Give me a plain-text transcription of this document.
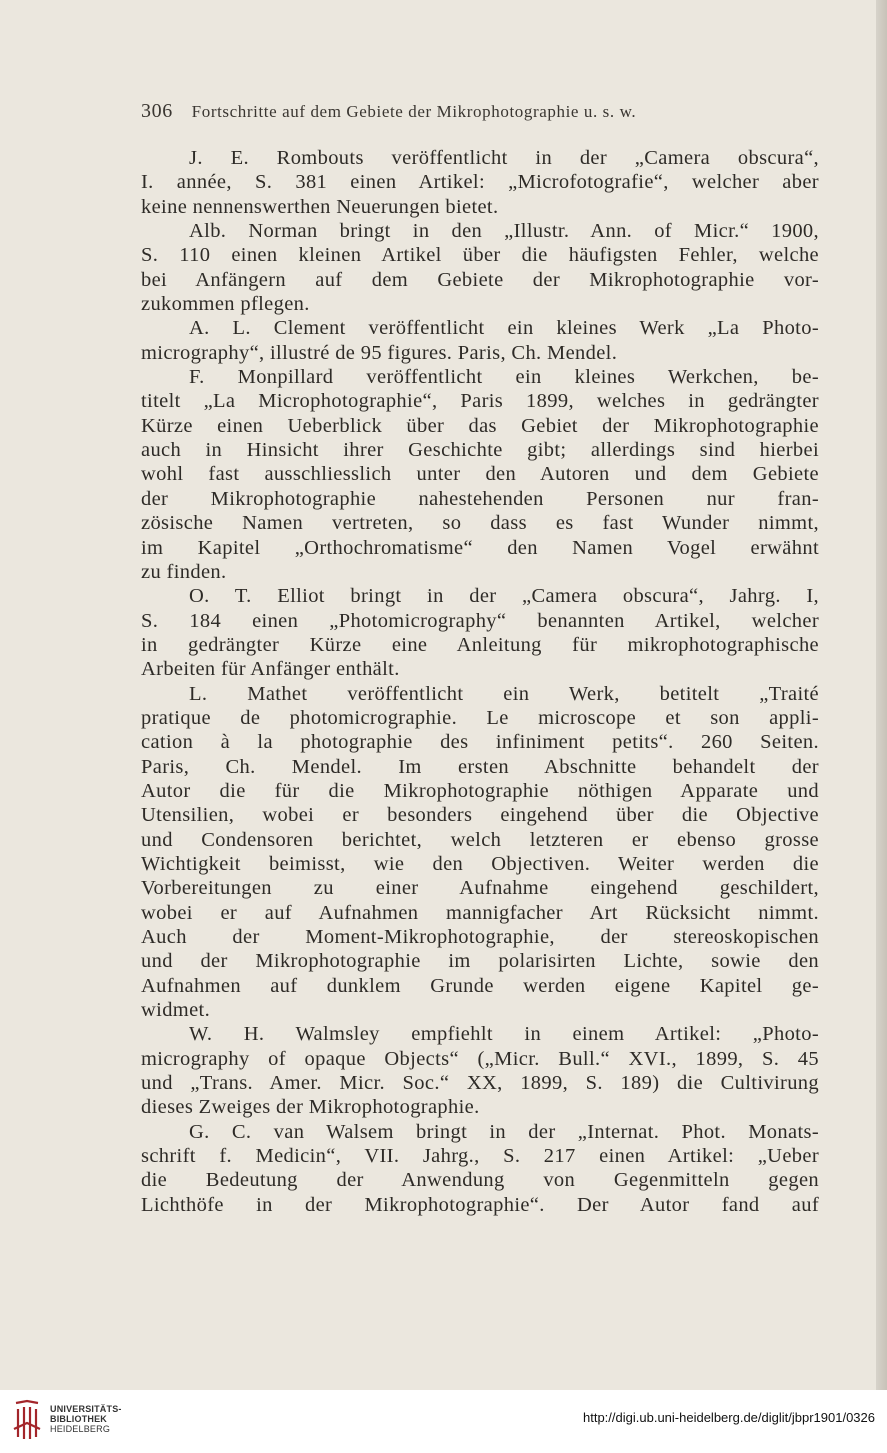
306 Fortschritte auf dem Gebiete der Mikrophotographie u. s. w.
J. E. Rombouts veröffentlicht in der „Camera obscura“,
I. année, S. 381 einen Artikel: „Microfotografie“, welcher aber
keine nennenswerthen Neuerungen bietet.
Alb. Norman bringt in den „Illustr. Ann. of Micr.“ 1900,
S. 110 einen kleinen Artikel über die häufigsten Fehler, welche
bei Anfängern auf dem Gebiete der Mikrophotographie vor-
zukommen pflegen.
A. L. Clement veröffentlicht ein kleines Werk „La Photo-
micrography“, illustré de 95 figures. Paris, Ch. Mendel.
F. Monpillard veröffentlicht ein kleines Werkchen, be-
titelt „La Microphotographie“, Paris 1899, welches in gedrängter
Kürze einen Ueberblick über das Gebiet der Mikrophotographie
auch in Hinsicht ihrer Geschichte gibt; allerdings sind hierbei
wohl fast ausschliesslich unter den Autoren und dem Gebiete
der Mikrophotographie nahestehenden Personen nur fran-
zösische Namen vertreten, so dass es fast Wunder nimmt,
im Kapitel „Orthochromatisme“ den Namen Vogel erwähnt
zu finden.
O. T. Elliot bringt in der „Camera obscura“, Jahrg. I,
S. 184 einen „Photomicrography“ benannten Artikel, welcher
in gedrängter Kürze eine Anleitung für mikrophotographische
Arbeiten für Anfänger enthält.
L. Mathet veröffentlicht ein Werk, betitelt „Traité
pratique de photomicrographie. Le microscope et son appli-
cation à la photographie des infiniment petits“. 260 Seiten.
Paris, Ch. Mendel. Im ersten Abschnitte behandelt der
Autor die für die Mikrophotographie nöthigen Apparate und
Utensilien, wobei er besonders eingehend über die Objective
und Condensoren berichtet, welch letzteren er ebenso grosse
Wichtigkeit beimisst, wie den Objectiven. Weiter werden die
Vorbereitungen zu einer Aufnahme eingehend geschildert,
wobei er auf Aufnahmen mannigfacher Art Rücksicht nimmt.
Auch der Moment-Mikrophotographie, der stereoskopischen
und der Mikrophotographie im polarisirten Lichte, sowie den
Aufnahmen auf dunklem Grunde werden eigene Kapitel ge-
widmet.
W. H. Walmsley empfiehlt in einem Artikel: „Photo-
micrography of opaque Objects“ („Micr. Bull.“ XVI., 1899, S. 45
und „Trans. Amer. Micr. Soc.“ XX, 1899, S. 189) die Cultivirung
dieses Zweiges der Mikrophotographie.
G. C. van Walsem bringt in der „Internat. Phot. Monats-
schrift f. Medicin“, VII. Jahrg., S. 217 einen Artikel: „Ueber
die Bedeutung der Anwendung von Gegenmitteln gegen
Lichthöfe in der Mikrophotographie“. Der Autor fand auf
UNIVERSITÄTS-
BIBLIOTHEK
HEIDELBERG
http://digi.ub.uni-heidelberg.de/diglit/jbpr1901/0326
